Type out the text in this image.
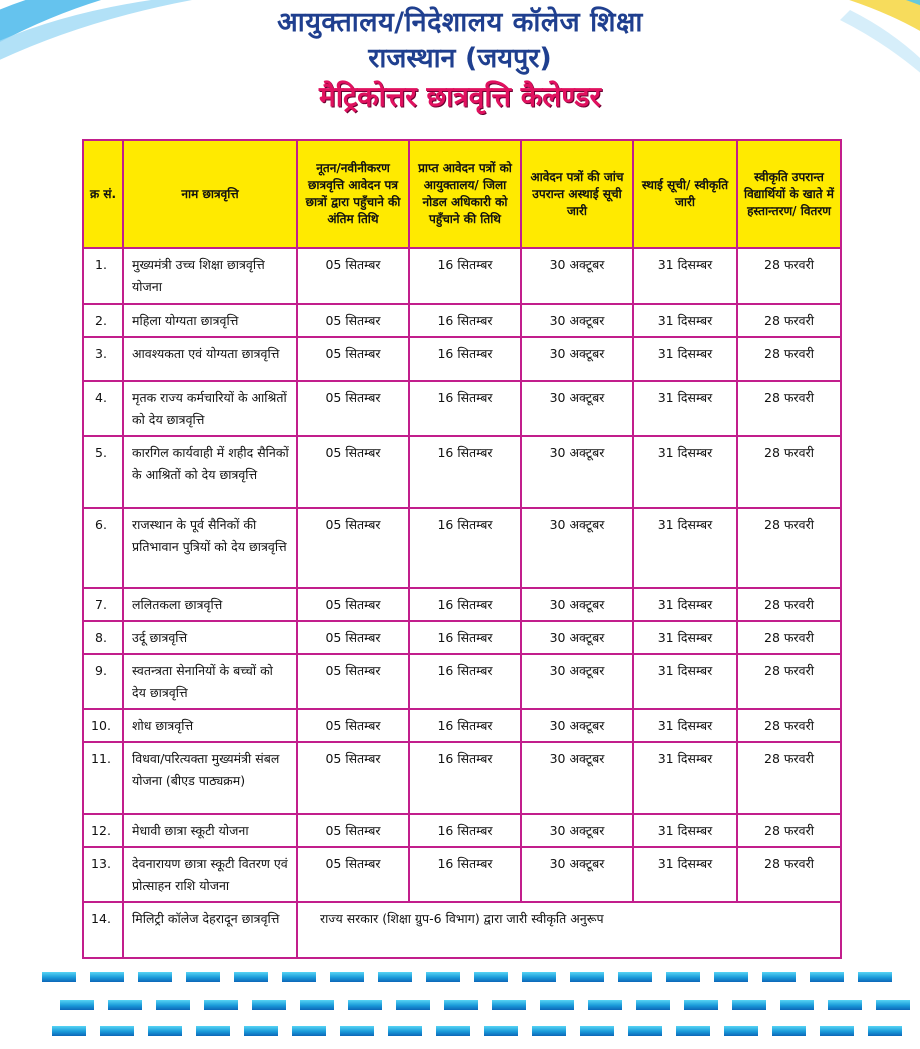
आयुक्तालय/निदेशालय कॉलेज शिक्षा
राजस्थान (जयपुर)
मैट्रिकोत्तर छात्रवृत्ति कैलेण्डर
क्र सं.	नाम छात्रवृत्ति	नूतन/नवीनीकरण छात्रवृत्ति आवेदन पत्र छात्रों द्वारा पहुँचाने की अंतिम तिथि	प्राप्त आवेदन पत्रों को आयुक्तालय/ जिला नोडल अधिकारी को पहुँचाने की तिथि	आवेदन पत्रों की जांच उपरान्त अस्थाई सूची जारी	स्थाई सूची/ स्वीकृति जारी	स्वीकृति उपरान्त विद्यार्थियों के खाते में हस्तान्तरण/ वितरण
1.	मुख्यमंत्री उच्च शिक्षा छात्रवृत्ति योजना	05 सितम्बर	16 सितम्बर	30 अक्टूबर	31 दिसम्बर	28 फरवरी
2.	महिला योग्यता छात्रवृत्ति	05 सितम्बर	16 सितम्बर	30 अक्टूबर	31 दिसम्बर	28 फरवरी
3.	आवश्यकता एवं योग्यता छात्रवृत्ति	05 सितम्बर	16 सितम्बर	30 अक्टूबर	31 दिसम्बर	28 फरवरी
4.	मृतक राज्य कर्मचारियों के आश्रितों को देय छात्रवृत्ति	05 सितम्बर	16 सितम्बर	30 अक्टूबर	31 दिसम्बर	28 फरवरी
5.	कारगिल कार्यवाही में शहीद सैनिकों के आश्रितों को देय छात्रवृत्ति	05 सितम्बर	16 सितम्बर	30 अक्टूबर	31 दिसम्बर	28 फरवरी
6.	राजस्थान के पूर्व सैनिकों की प्रतिभावान पुत्रियों को देय छात्रवृत्ति	05 सितम्बर	16 सितम्बर	30 अक्टूबर	31 दिसम्बर	28 फरवरी
7.	ललितकला छात्रवृत्ति	05 सितम्बर	16 सितम्बर	30 अक्टूबर	31 दिसम्बर	28 फरवरी
8.	उर्दू छात्रवृत्ति	05 सितम्बर	16 सितम्बर	30 अक्टूबर	31 दिसम्बर	28 फरवरी
9.	स्वतन्त्रता सेनानियों के बच्चों को देय छात्रवृत्ति	05 सितम्बर	16 सितम्बर	30 अक्टूबर	31 दिसम्बर	28 फरवरी
10.	शोध छात्रवृत्ति	05 सितम्बर	16 सितम्बर	30 अक्टूबर	31 दिसम्बर	28 फरवरी
11.	विधवा/परित्यक्ता मुख्यमंत्री संबल योजना (बीएड पाठ्यक्रम)	05 सितम्बर	16 सितम्बर	30 अक्टूबर	31 दिसम्बर	28 फरवरी
12.	मेधावी छात्रा स्कूटी योजना	05 सितम्बर	16 सितम्बर	30 अक्टूबर	31 दिसम्बर	28 फरवरी
13.	देवनारायण छात्रा स्कूटी वितरण एवं प्रोत्साहन राशि योजना	05 सितम्बर	16 सितम्बर	30 अक्टूबर	31 दिसम्बर	28 फरवरी
14.	मिलिट्री कॉलेज देहरादून छात्रवृत्ति	राज्य सरकार (शिक्षा ग्रुप-6 विभाग) द्वारा जारी स्वीकृति अनुरूप				
